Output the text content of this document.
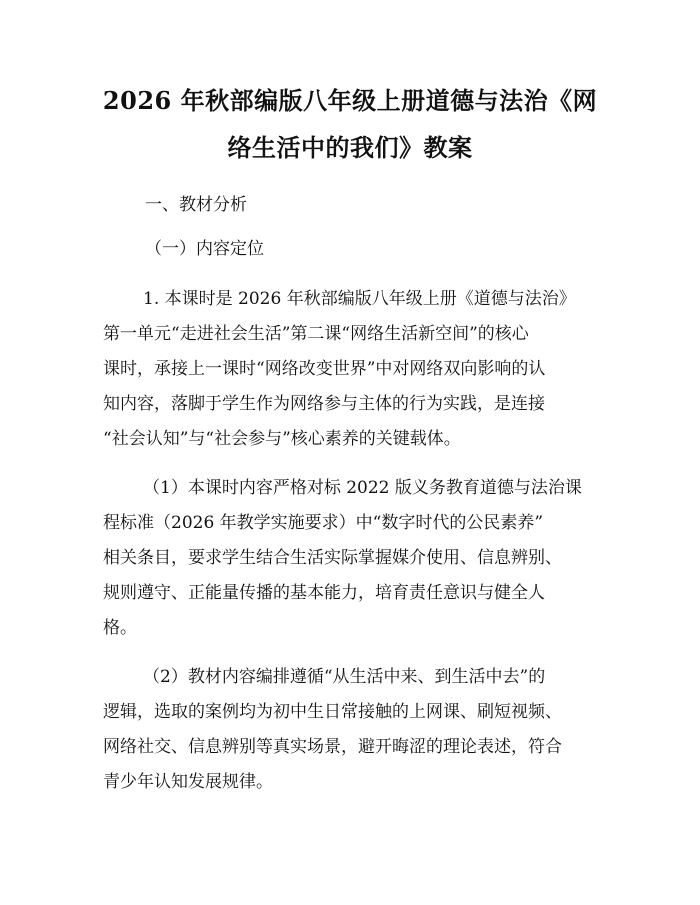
2026 年秋部编版八年级上册道德与法治《网
络生活中的我们》教案
一、教材分析
（一）内容定位
1. 本课时是 2026 年秋部编版八年级上册《道德与法治》
第一单元“走进社会生活”第二课“网络生活新空间”的核心
课时，承接上一课时“网络改变世界”中对网络双向影响的认
知内容，落脚于学生作为网络参与主体的行为实践，是连接
“社会认知”与“社会参与”核心素养的关键载体。
（1）本课时内容严格对标 2022 版义务教育道德与法治课
程标准（2026 年教学实施要求）中“数字时代的公民素养”
相关条目，要求学生结合生活实际掌握媒介使用、信息辨别、
规则遵守、正能量传播的基本能力，培育责任意识与健全人
格。
（2）教材内容编排遵循“从生活中来、到生活中去”的
逻辑，选取的案例均为初中生日常接触的上网课、刷短视频、
网络社交、信息辨别等真实场景，避开晦涩的理论表述，符合
青少年认知发展规律。
